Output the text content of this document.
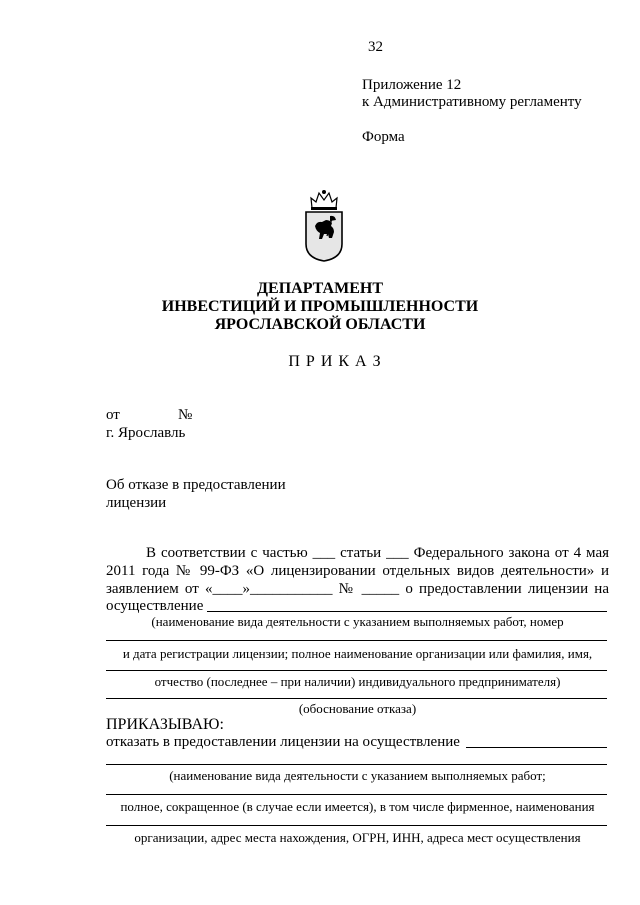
32
Приложение 12
к Административному регламенту
Форма
ДЕПАРТАМЕНТ
ИНВЕСТИЦИЙ И ПРОМЫШЛЕННОСТИ
ЯРОСЛАВСКОЙ ОБЛАСТИ
П Р И К А З
от	№
г. Ярославль
Об отказе в предоставлении
лицензии
В соответствии с частью ___ статьи ___ Федерального закона от 4 мая
2011 года № 99-ФЗ «О лицензировании отдельных видов деятельности» и
заявлением от «____»___________ № _____ о предоставлении лицензии на
осуществление
(наименование вида деятельности с указанием выполняемых работ, номер
и дата регистрации лицензии; полное наименование организации или фамилия, имя,
отчество (последнее – при наличии) индивидуального предпринимателя)
(обоснование отказа)
ПРИКАЗЫВАЮ:
отказать в предоставлении лицензии на осуществление
(наименование вида деятельности с указанием выполняемых работ;
полное, сокращенное (в случае если имеется), в том числе фирменное, наименования
организации, адрес места нахождения, ОГРН, ИНН, адреса мест осуществления
